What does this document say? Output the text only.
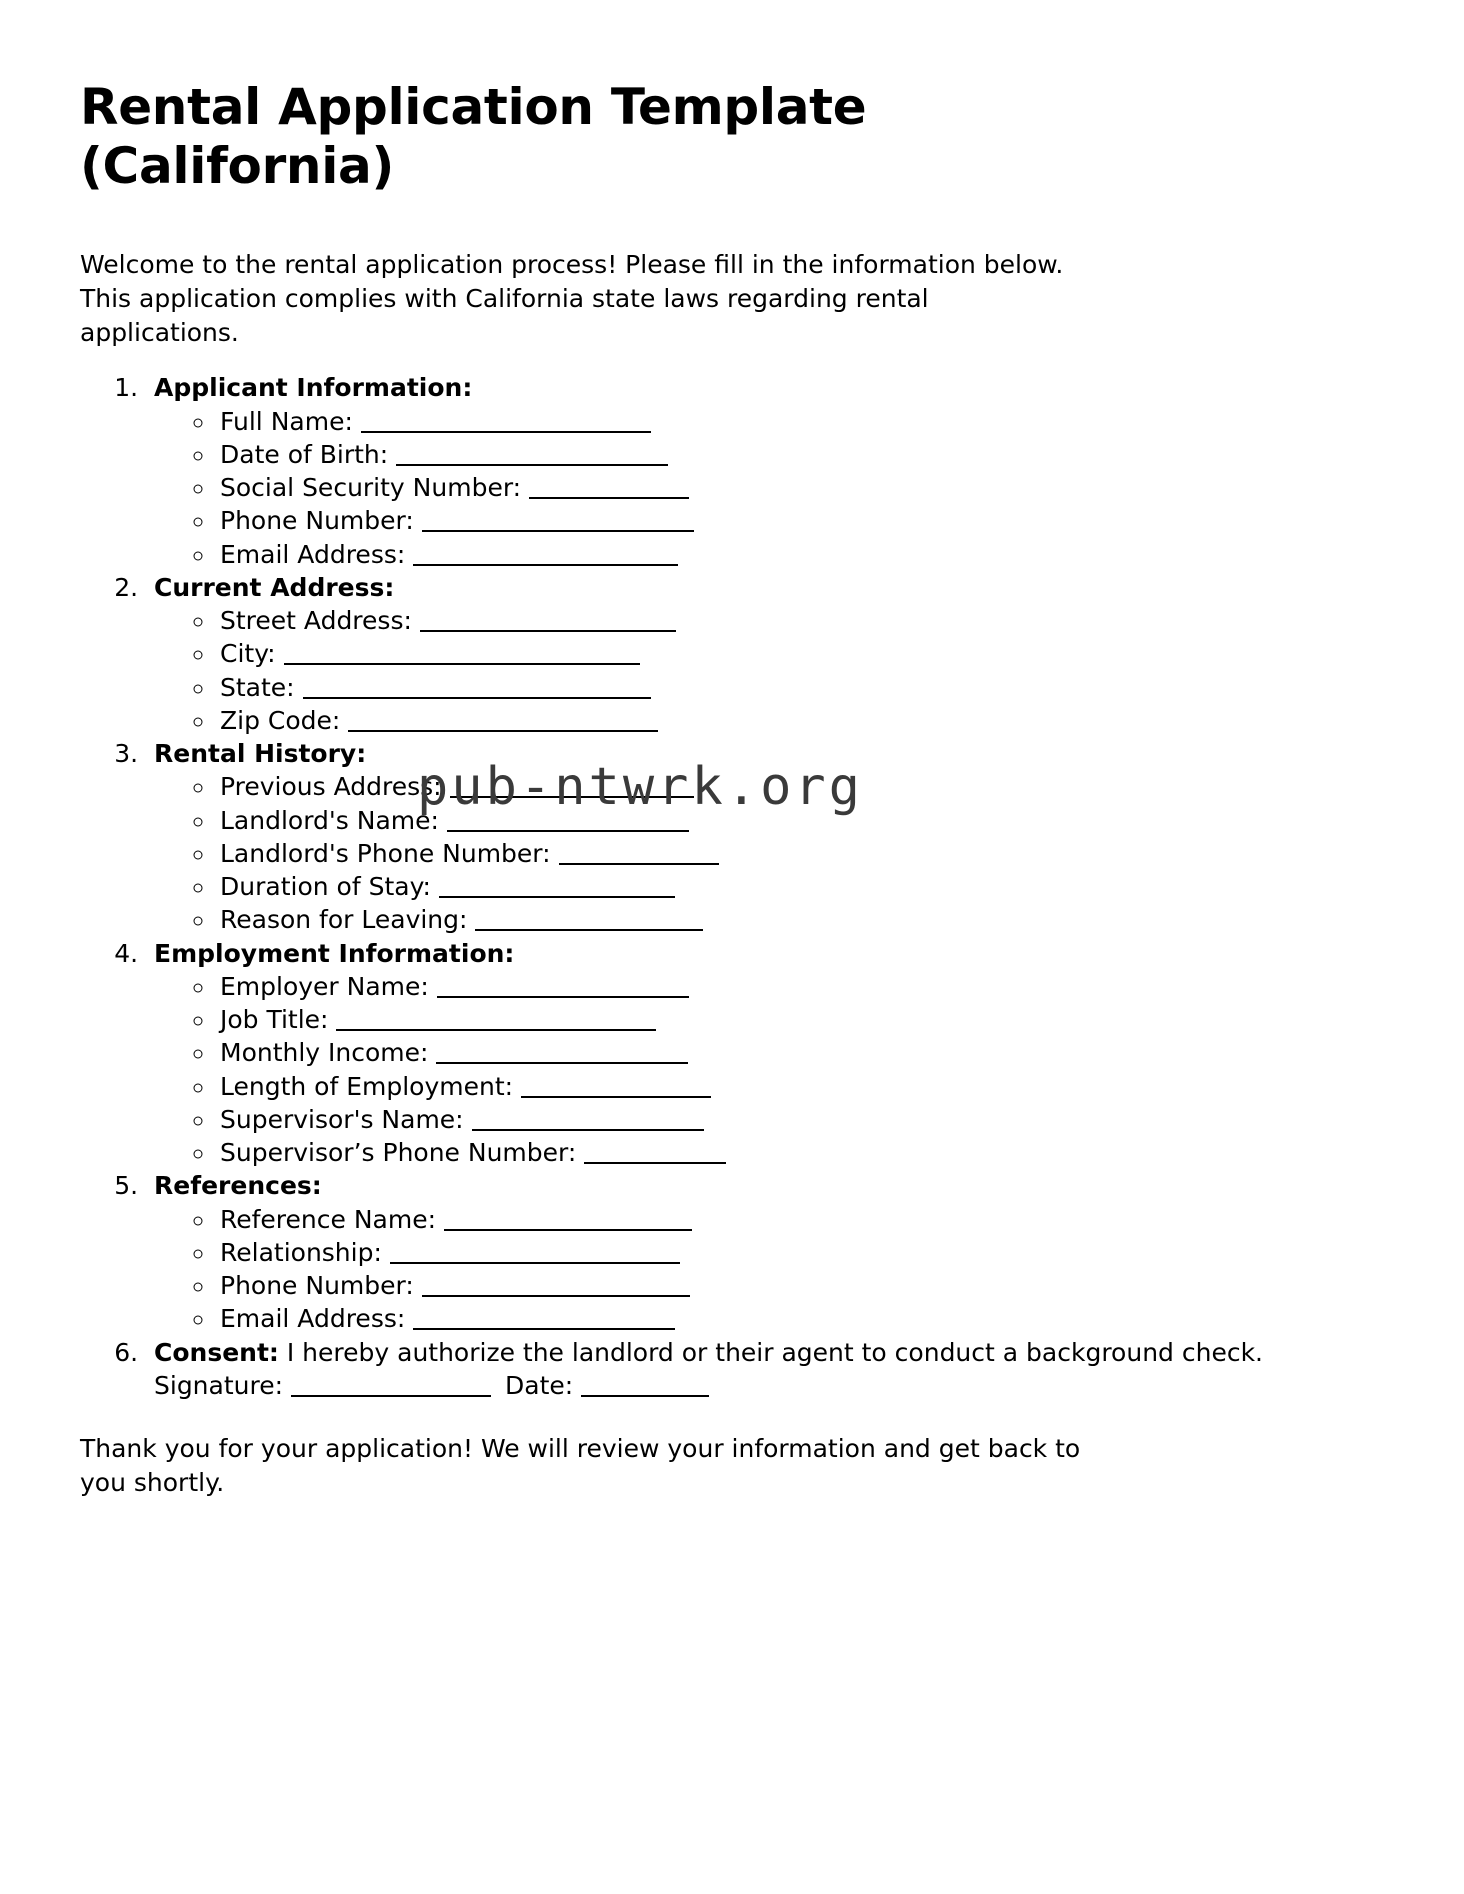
Rental Application Template (California)

Welcome to the rental application process! Please fill in the information below. This application complies with California state laws regarding rental applications.

1. Applicant Information:
◦ Full Name:
◦ Date of Birth:
◦ Social Security Number:
◦ Phone Number:
◦ Email Address:
2. Current Address:
◦ Street Address:
◦ City:
◦ State:
◦ Zip Code:
3. Rental History:
◦ Previous Address:
◦ Landlord's Name:
◦ Landlord's Phone Number:
◦ Duration of Stay:
◦ Reason for Leaving:
4. Employment Information:
◦ Employer Name:
◦ Job Title:
◦ Monthly Income:
◦ Length of Employment:
◦ Supervisor's Name:
◦ Supervisor’s Phone Number:
5. References:
◦ Reference Name:
◦ Relationship:
◦ Phone Number:
◦ Email Address:
6. Consent: I hereby authorize the landlord or their agent to conduct a background check. Signature:	Date:

Thank you for your application! We will review your information and get back to you shortly.

pub-ntwrk.org
